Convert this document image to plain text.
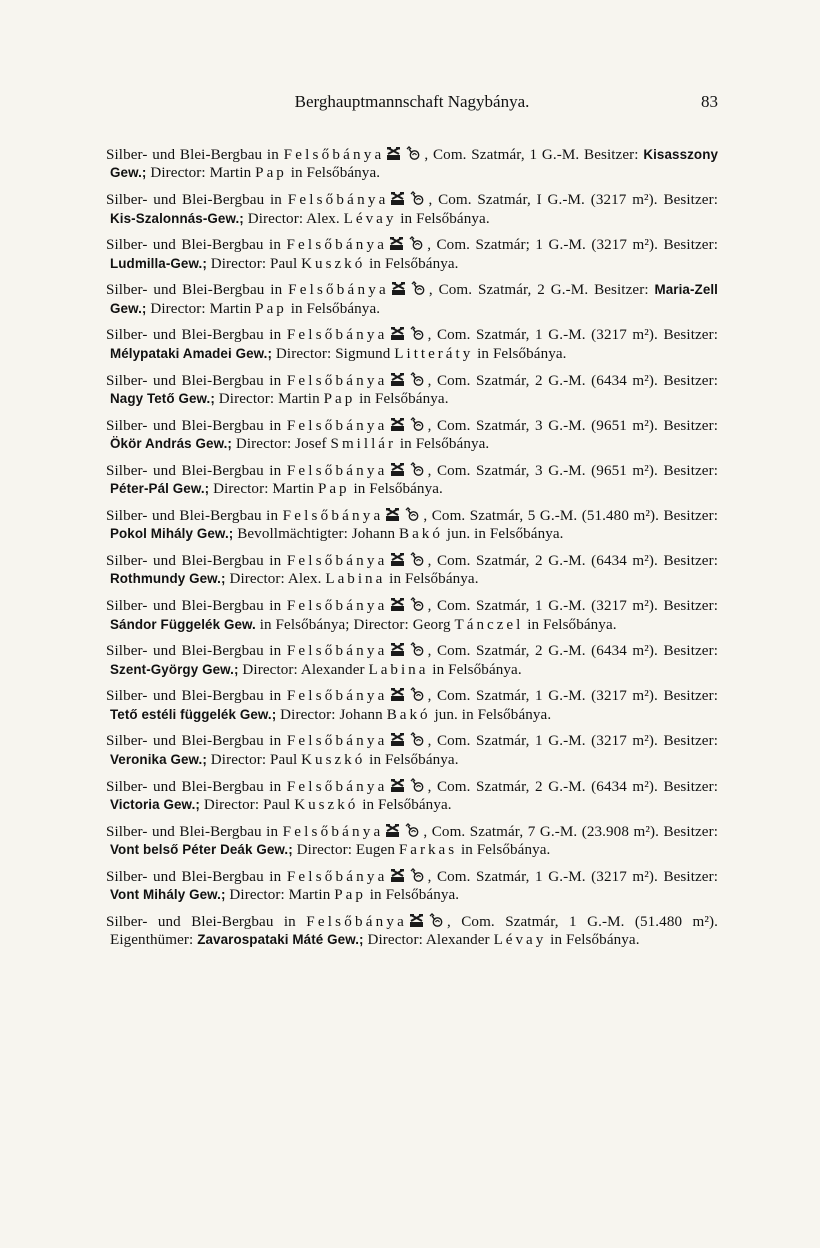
Berghauptmannschaft Nagybánya.	83

Silber- und Blei-Bergbau in Felsőbánya	, Com. Szatmár, 1 G.-M. Besitzer: Kisasszony Gew.; Director: Martin Pap in Felsőbánya.

Silber- und Blei-Bergbau in Felsőbánya	, Com. Szatmár, I G.-M. (3217 m²). Besitzer: Kis-Szalonnás-Gew.; Director: Alex. Lévay in Felsőbánya.

Silber- und Blei-Bergbau in Felsőbánya	, Com. Szatmár; 1 G.-M. (3217 m²). Besitzer: Ludmilla-Gew.; Director: Paul Kuszkó in Felsőbánya.

Silber- und Blei-Bergbau in Felsőbánya	, Com. Szatmár, 2 G.-M. Besitzer: Maria-Zell Gew.; Director: Martin Pap in Felsőbánya.

Silber- und Blei-Bergbau in Felsőbánya	, Com. Szatmár, 1 G.-M. (3217 m²). Besitzer: Mélypataki Amadei Gew.; Director: Sigmund Litteráty in Felsőbánya.

Silber- und Blei-Bergbau in Felsőbánya	, Com. Szatmár, 2 G.-M. (6434 m²). Besitzer: Nagy Tető Gew.; Director: Martin Pap in Felsőbánya.

Silber- und Blei-Bergbau in Felsőbánya	, Com. Szatmár, 3 G.-M. (9651 m²). Besitzer: Ökör András Gew.; Director: Josef Smillár in Felsőbánya.

Silber- und Blei-Bergbau in Felsőbánya	, Com. Szatmár, 3 G.-M. (9651 m²). Besitzer: Péter-Pál Gew.; Director: Martin Pap in Felsőbánya.

Silber- und Blei-Bergbau in Felsőbánya	, Com. Szatmár, 5 G.-M. (51.480 m²). Besitzer: Pokol Mihály Gew.; Bevollmächtigter: Johann Bakó jun. in Felsőbánya.

Silber- und Blei-Bergbau in Felsőbánya	, Com. Szatmár, 2 G.-M. (6434 m²). Besitzer: Rothmundy Gew.; Director: Alex. Labina in Felsőbánya.

Silber- und Blei-Bergbau in Felsőbánya	, Com. Szatmár, 1 G.-M. (3217 m²). Besitzer: Sándor Függelék Gew. in Felsőbánya; Director: Georg Tánczel in Felsőbánya.

Silber- und Blei-Bergbau in Felsőbánya	, Com. Szatmár, 2 G.-M. (6434 m²). Besitzer: Szent-György Gew.; Director: Alexander Labina in Felsőbánya.

Silber- und Blei-Bergbau in Felsőbánya	, Com. Szatmár, 1 G.-M. (3217 m²). Besitzer: Tető estéli függelék Gew.; Director: Johann Bakó jun. in Felsőbánya.

Silber- und Blei-Bergbau in Felsőbánya	, Com. Szatmár, 1 G.-M. (3217 m²). Besitzer: Veronika Gew.; Director: Paul Kuszkó in Felsőbánya.

Silber- und Blei-Bergbau in Felsőbánya	, Com. Szatmár, 2 G.-M. (6434 m²). Besitzer: Victoria Gew.; Director: Paul Kuszkó in Felsőbánya.

Silber- und Blei-Bergbau in Felsőbánya	, Com. Szatmár, 7 G.-M. (23.908 m²). Besitzer: Vont belső Péter Deák Gew.; Director: Eugen Farkas in Felsőbánya.

Silber- und Blei-Bergbau in Felsőbánya	, Com. Szatmár, 1 G.-M. (3217 m²). Besitzer: Vont Mihály Gew.; Director: Martin Pap in Felsőbánya.

Silber- und Blei-Bergbau in Felsőbánya	, Com. Szatmár, 1 G.-M. (51.480 m²). Eigenthümer: Zavarospataki Máté Gew.; Director: Alexander Lévay in Felsőbánya.
